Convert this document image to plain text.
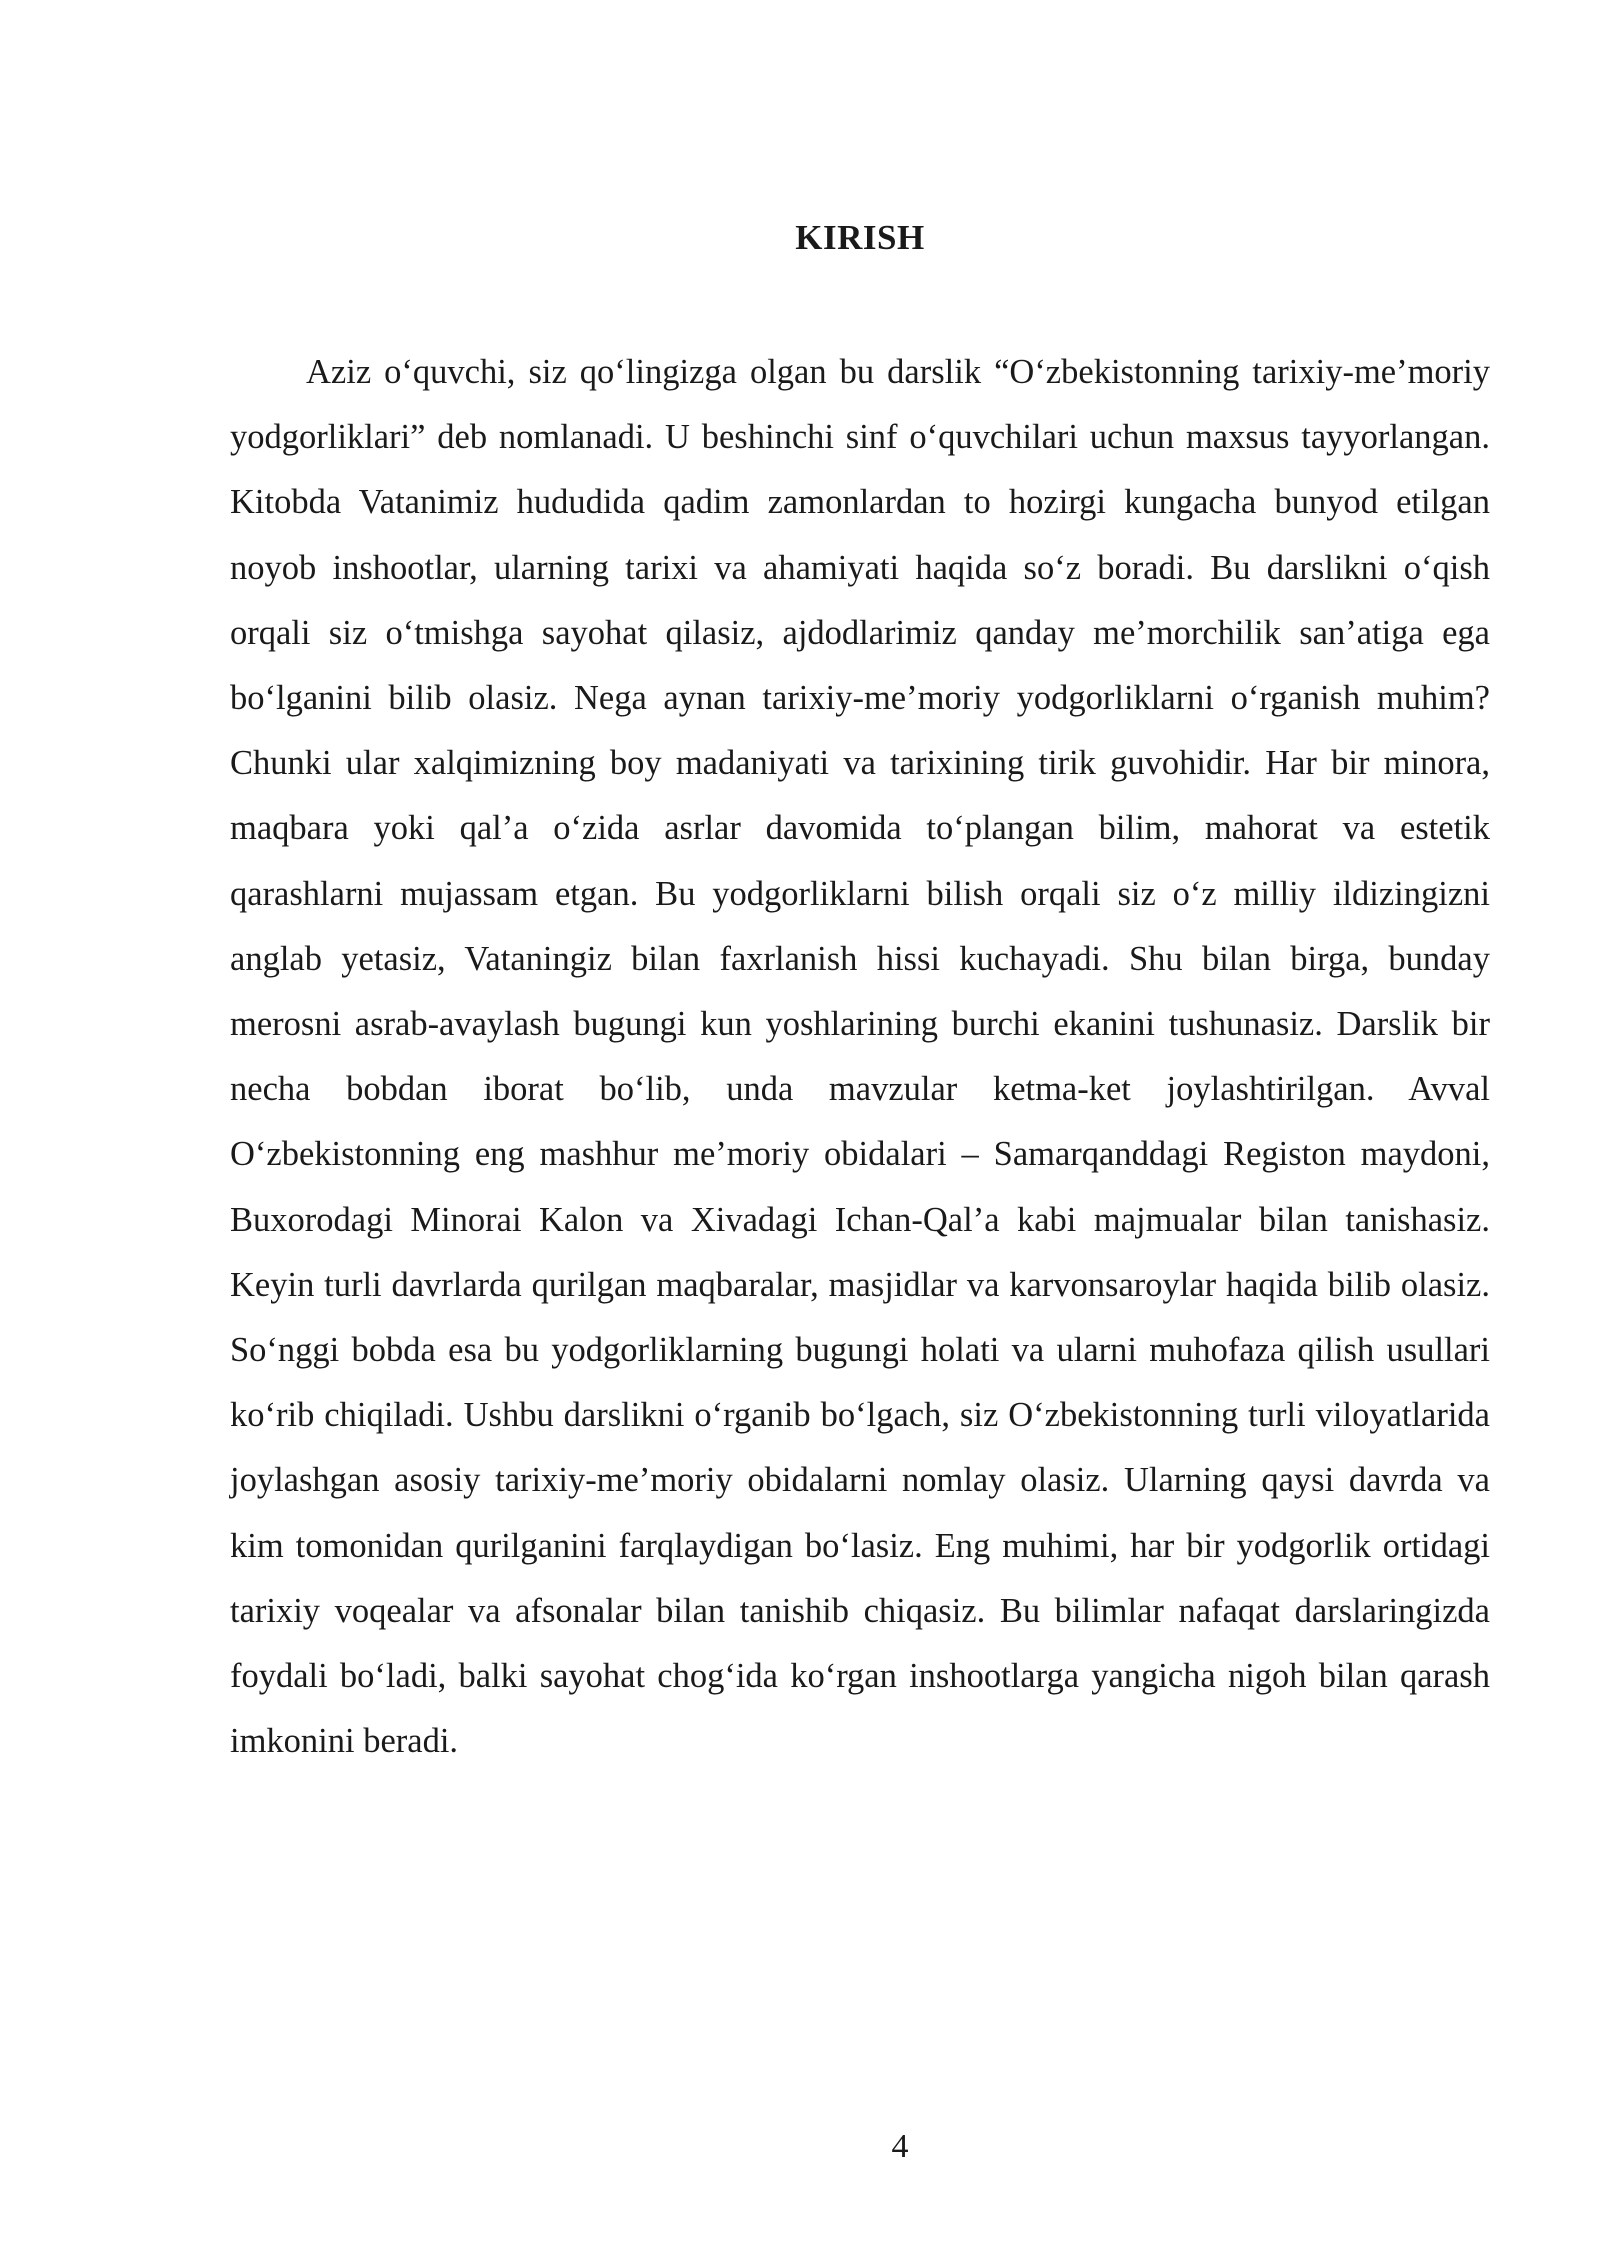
KIRISH

Aziz o‘quvchi, siz qo‘lingizga olgan bu darslik “O‘zbekistonning tarixiy-me’moriy yodgorliklari” deb nomlanadi. U beshinchi sinf o‘quvchilari uchun maxsus tayyorlangan. Kitobda Vatanimiz hududida qadim zamonlardan to hozirgi kungacha bunyod etilgan noyob inshootlar, ularning tarixi va ahamiyati haqida so‘z boradi. Bu darslikni o‘qish orqali siz o‘tmishga sayohat qilasiz, ajdodlarimiz qanday me’morchilik san’atiga ega bo‘lganini bilib olasiz. Nega aynan tarixiy-me’moriy yodgorliklarni o‘rganish muhim? Chunki ular xalqimizning boy madaniyati va tarixining tirik guvohidir. Har bir minora, maqbara yoki qal’a o‘zida asrlar davomida to‘plangan bilim, mahorat va estetik qarashlarni mujassam etgan. Bu yodgorliklarni bilish orqali siz o‘z milliy ildizingizni anglab yetasiz, Vataningiz bilan faxrlanish hissi kuchayadi. Shu bilan birga, bunday merosni asrab-avaylash bugungi kun yoshlarining burchi ekanini tushunasiz. Darslik bir necha bobdan iborat bo‘lib, unda mavzular ketma-ket joylashtirilgan. Avval O‘zbekistonning eng mashhur me’moriy obidalari – Samarqanddagi Registon maydoni, Buxorodagi Minorai Kalon va Xivadagi Ichan-Qal’a kabi majmualar bilan tanishasiz. Keyin turli davrlarda qurilgan maqbaralar, masjidlar va karvonsaroylar haqida bilib olasiz. So‘nggi bobda esa bu yodgorliklarning bugungi holati va ularni muhofaza qilish usullari ko‘rib chiqiladi. Ushbu darslikni o‘rganib bo‘lgach, siz O‘zbekistonning turli viloyatlarida joylashgan asosiy tarixiy-me’moriy obidalarni nomlay olasiz. Ularning qaysi davrda va kim tomonidan qurilganini farqlaydigan bo‘lasiz. Eng muhimi, har bir yodgorlik ortidagi tarixiy voqealar va afsonalar bilan tanishib chiqasiz. Bu bilimlar nafaqat darslaringizda foydali bo‘ladi, balki sayohat chog‘ida ko‘rgan inshootlarga yangicha nigoh bilan qarash imkonini beradi.

4
